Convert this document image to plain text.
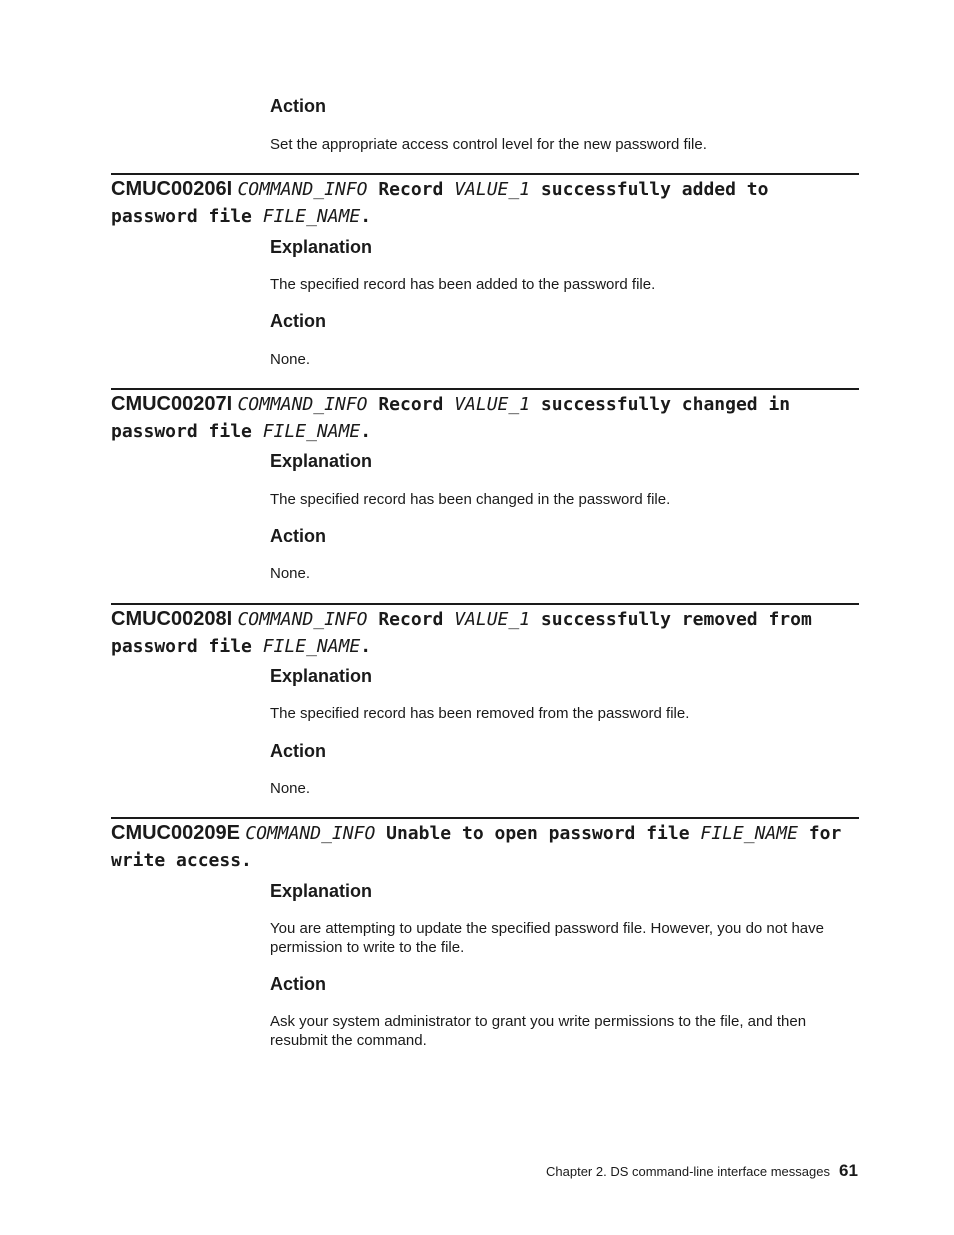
Action

Set the appropriate access control level for the new password file.

CMUC00206I COMMAND_INFO Record VALUE_1 successfully added to
password file FILE_NAME.

Explanation

The specified record has been added to the password file.

Action

None.

CMUC00207I COMMAND_INFO Record VALUE_1 successfully changed in
password file FILE_NAME.

Explanation

The specified record has been changed in the password file.

Action

None.

CMUC00208I COMMAND_INFO Record VALUE_1 successfully removed from
password file FILE_NAME.

Explanation

The specified record has been removed from the password file.

Action

None.

CMUC00209E COMMAND_INFO Unable to open password file FILE_NAME for
write access.

Explanation

You are attempting to update the specified password file. However, you do not have

permission to write to the file.

Action

Ask your system administrator to grant you write permissions to the file, and then

resubmit the command.

Chapter 2. DS command-line interface messages 61
